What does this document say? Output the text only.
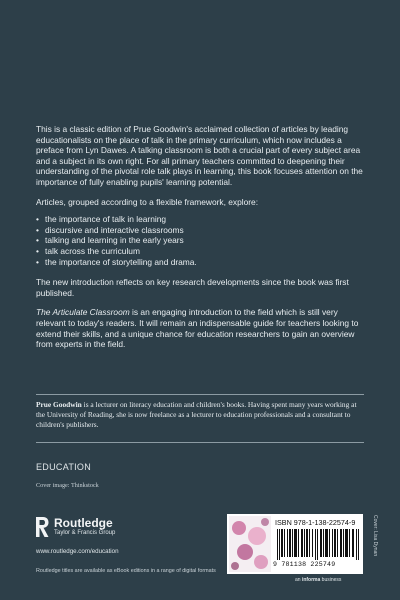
This is a classic edition of Prue Goodwin's acclaimed collection of articles by leading educationalists on the place of talk in the primary curriculum, which now includes a preface from Lyn Dawes. A talking classroom is both a crucial part of every subject area and a subject in its own right. For all primary teachers committed to deepening their understanding of the pivotal role talk plays in learning, this book focuses attention on the importance of fully enabling pupils' learning potential.

Articles, grouped according to a flexible framework, explore:

• the importance of talk in learning
• discursive and interactive classrooms
• talking and learning in the early years
• talk across the curriculum
• the importance of storytelling and drama.

The new introduction reflects on key research developments since the book was first published.

The Articulate Classroom is an engaging introduction to the field which is still very relevant to today's readers. It will remain an indispensable guide for teachers looking to extend their skills, and a unique chance for education researchers to gain an overview from experts in the field.

Prue Goodwin is a lecturer on literacy education and children's books. Having spent many years working at the University of Reading, she is now freelance as a lecturer to education professionals and a consultant to children's publishers.
EDUCATION
Cover image: Thinkstock
Routledge
Taylor & Francis Group
www.routledge.com/education
Routledge titles are available as eBook editions in a range of digital formats
ISBN 978-1-138-22574-9
9 781138 225749
an informa business
Cover: Lisa Dynan
